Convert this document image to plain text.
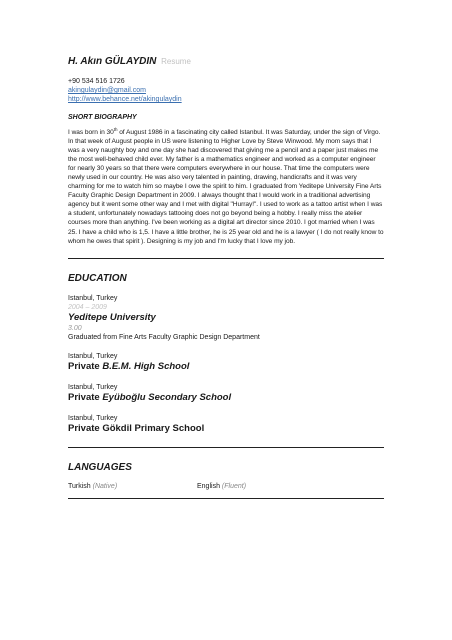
H. Akın GÜLAYDIN Resume
+90 534 516 1726
akingulaydin@gmail.com
http://www.behance.net/akingulaydin
SHORT BIOGRAPHY
I was born in 30th of August 1986 in a fascinating city called Istanbul. It was Saturday, under the sign of Virgo. In that week of August people in US were listening to Higher Love by Steve Winwood. My mom says that I was a very naughty boy and one day she had discovered that giving me a pencil and a paper just makes me the most well-behaved child ever. My father is a mathematics engineer and worked as a computer engineer for nearly 30 years so that there were computers everywhere in our house. That time the computers were newly used in our country. He was also very talented in painting, drawing, handicrafts and it was very charming for me to watch him so maybe I owe the spirit to him. I graduated from Yeditepe University Fine Arts Faculty Graphic Design Department in 2009. I always thought that I would work in a traditional advertising agency but it went some other way and I met with digital "Hurray!". I used to work as a tattoo artist when I was a student, unfortunately nowadays tattooing does not go beyond being a hobby. I really miss the atelier courses more than anything. I've been working as a digital art director since 2010. I got married when I was 25. I have a child who is 1,5. I have a little brother, he is 25 year old and he is a lawyer ( I do not really know to whom he owes that spirit ). Designing is my job and I'm lucky that I love my job.
EDUCATION
Istanbul, Turkey
2004 – 2009
Yeditepe University
3.00
Graduated from Fine Arts Faculty Graphic Design Department
Istanbul, Turkey
Private B.E.M. High School
Istanbul, Turkey
Private Eyüboğlu Secondary School
Istanbul, Turkey
Private Gökdil Primary School
LANGUAGES
Turkish (Native)	English (Fluent)
